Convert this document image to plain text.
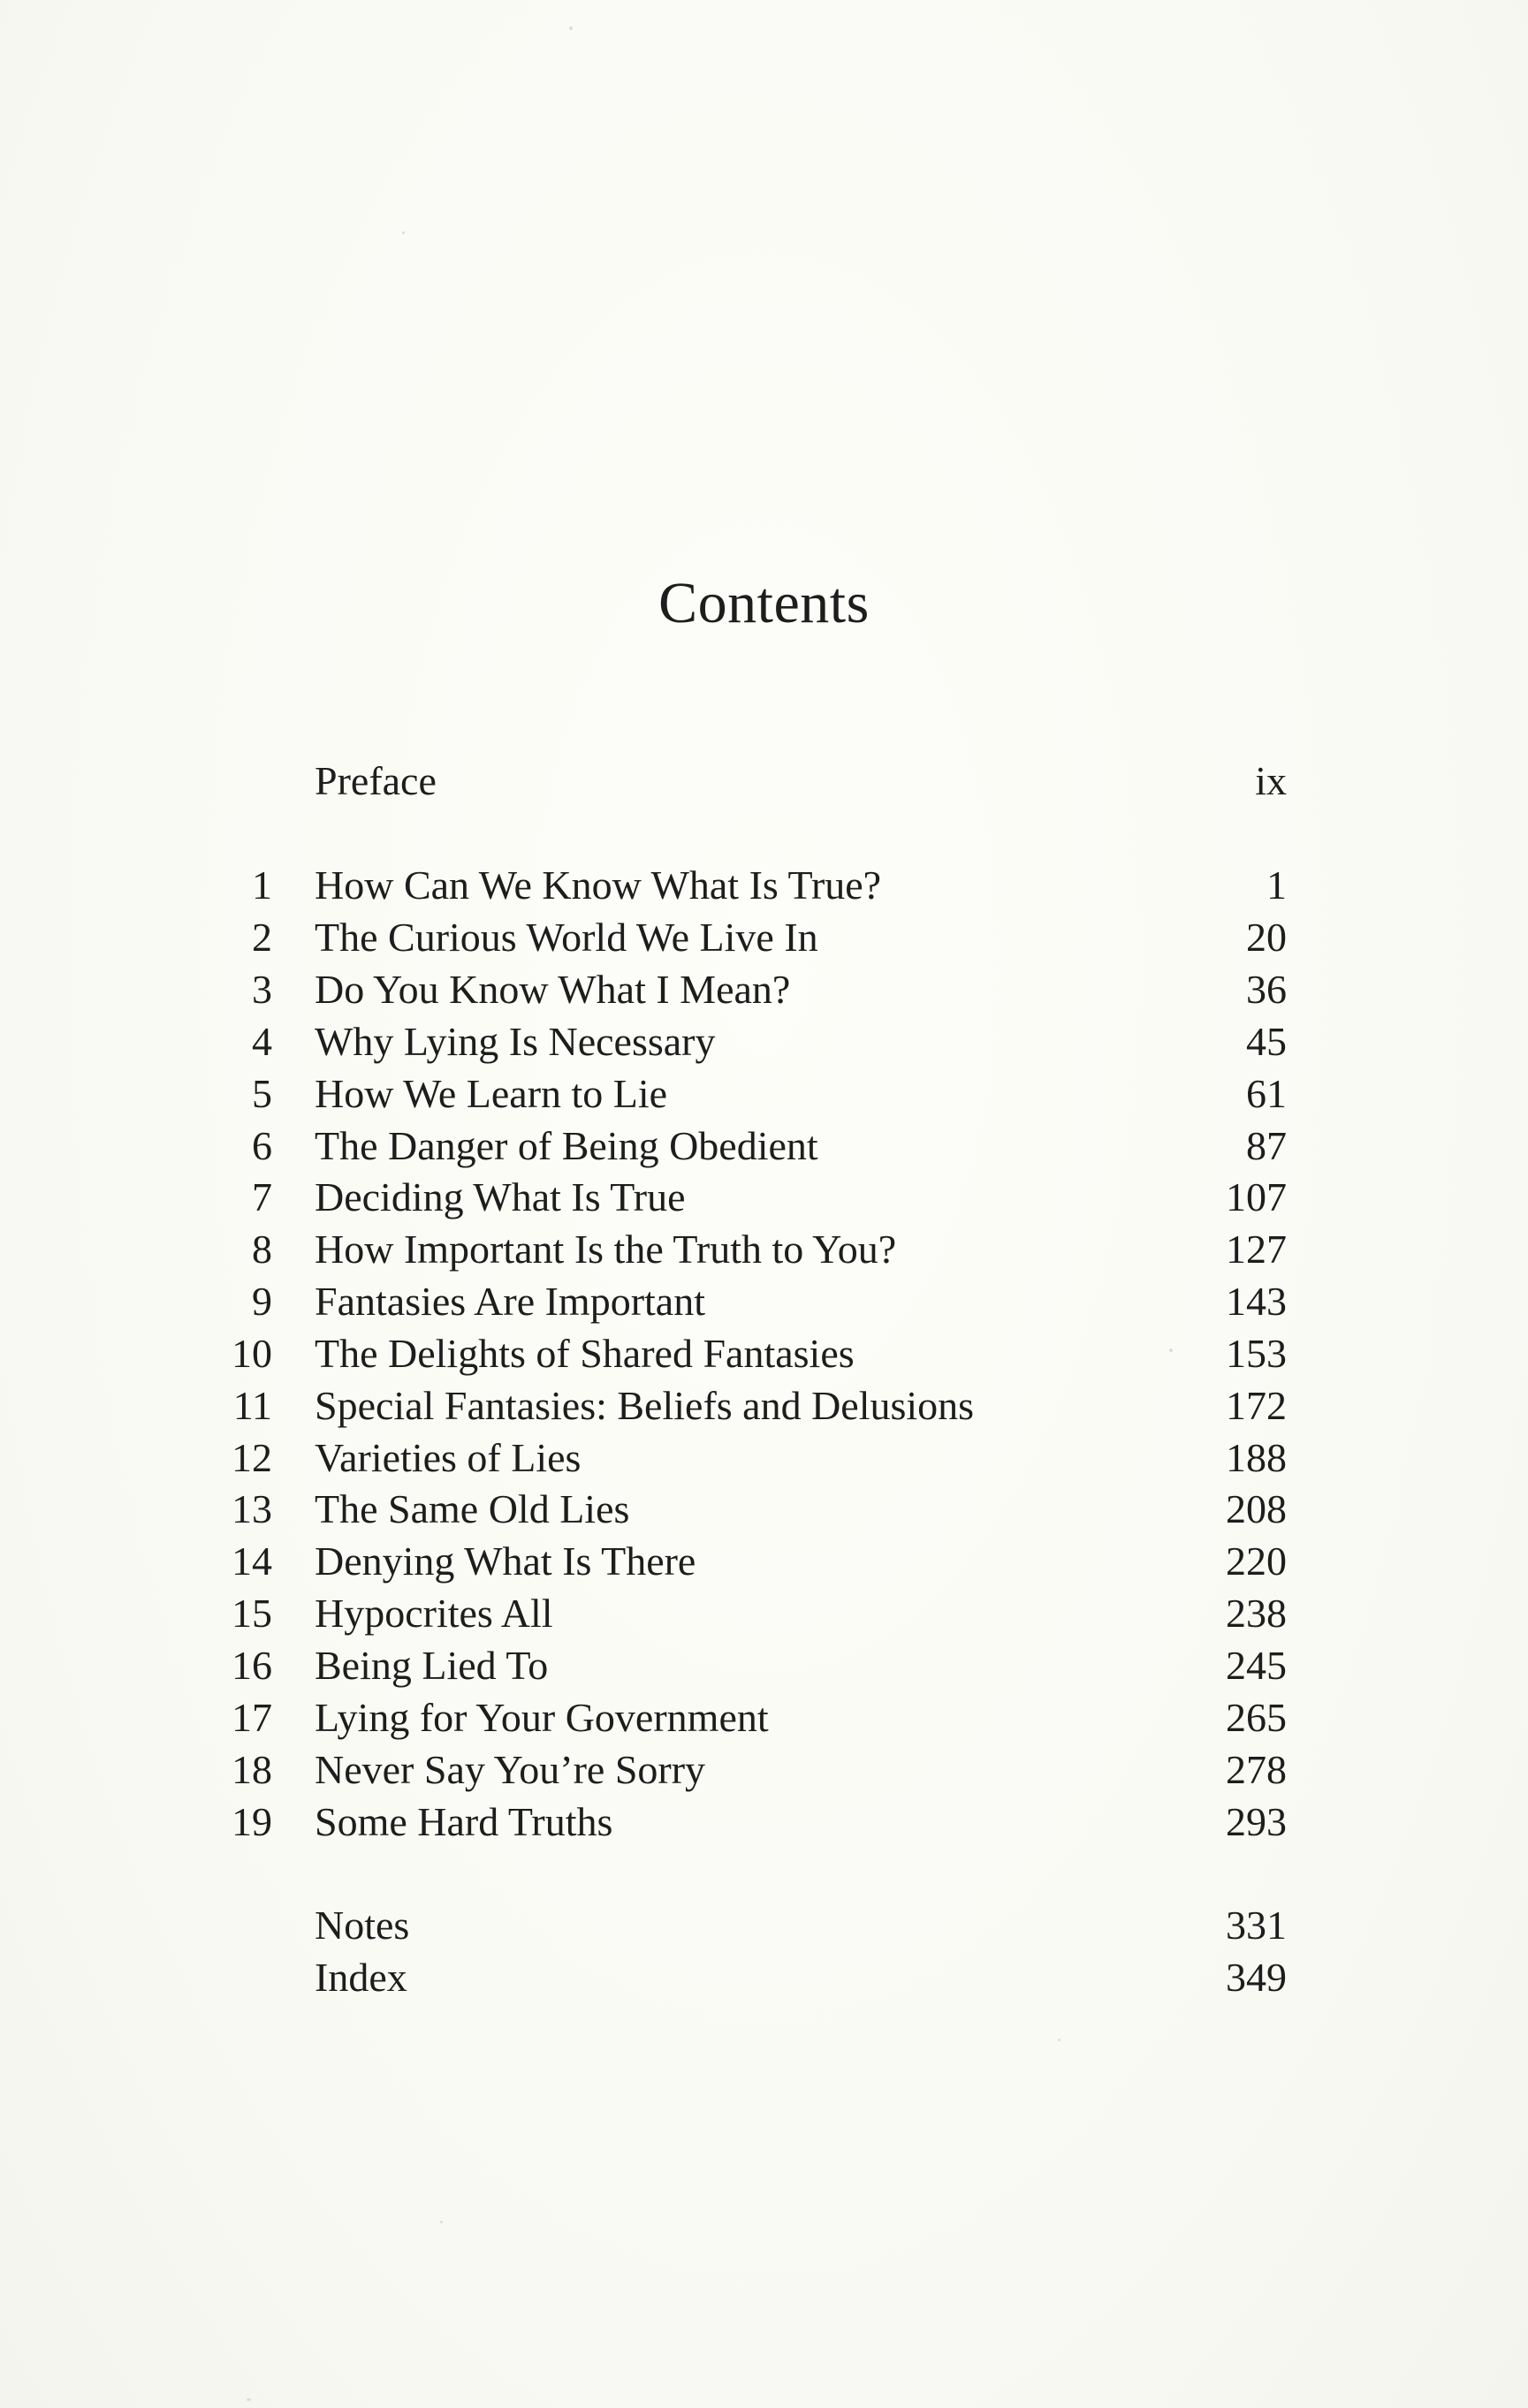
Contents
Preface	ix
1 How Can We Know What Is True?	1
2 The Curious World We Live In	20
3 Do You Know What I Mean?	36
4 Why Lying Is Necessary	45
5 How We Learn to Lie	61
6 The Danger of Being Obedient	87
7 Deciding What Is True	107
8 How Important Is the Truth to You?	127
9 Fantasies Are Important	143
10 The Delights of Shared Fantasies	153
11 Special Fantasies: Beliefs and Delusions	172
12 Varieties of Lies	188
13 The Same Old Lies	208
14 Denying What Is There	220
15 Hypocrites All	238
16 Being Lied To	245
17 Lying for Your Government	265
18 Never Say You’re Sorry	278
19 Some Hard Truths	293
Notes	331
Index	349
